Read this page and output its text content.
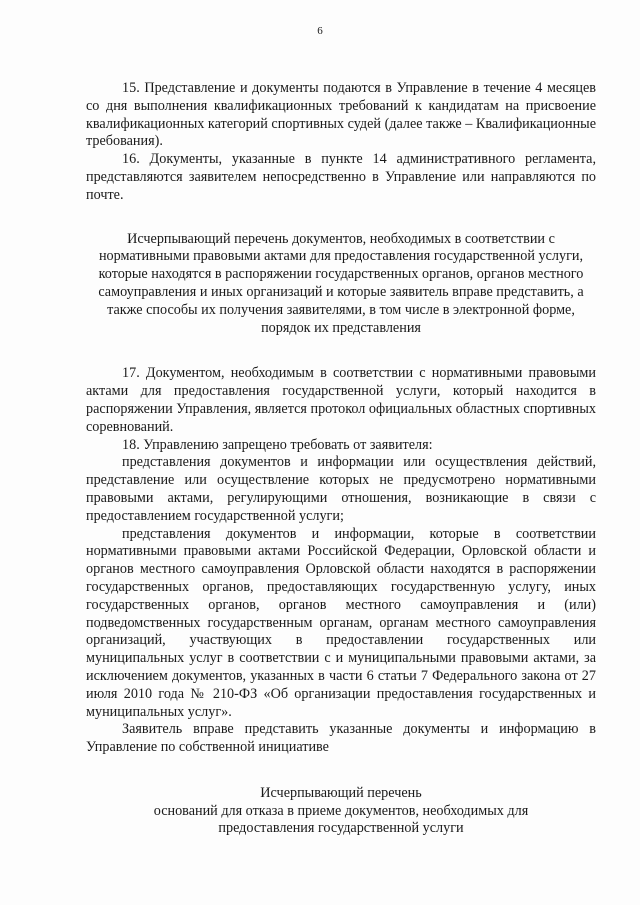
6

15. Представление и документы подаются в Управление в течение 4 месяцев со дня выполнения квалификационных требований к кандидатам на присвоение квалификационных категорий спортивных судей (далее также – Квалификационные требования).

16. Документы, указанные в пункте 14 административного регламента, представляются заявителем непосредственно в Управление или направляются по почте.

Исчерпывающий перечень документов, необходимых в соответствии с нормативными правовыми актами для предоставления государственной услуги, которые находятся в распоряжении государственных органов, органов местного самоуправления и иных организаций и которые заявитель вправе представить, а также способы их получения заявителями, в том числе в электронной форме, порядок их представления

17. Документом, необходимым в соответствии с нормативными правовыми актами для предоставления государственной услуги, который находится в распоряжении Управления, является протокол официальных областных спортивных соревнований.

18. Управлению запрещено требовать от заявителя:

представления документов и информации или осуществления действий, представление или осуществление которых не предусмотрено нормативными правовыми актами, регулирующими отношения, возникающие в связи с предоставлением государственной услуги;

представления документов и информации, которые в соответствии нормативными правовыми актами Российской Федерации, Орловской области и органов местного самоуправления Орловской области находятся в распоряжении государственных органов, предоставляющих государственную услугу, иных государственных органов, органов местного самоуправления и (или) подведомственных государственным органам, органам местного самоуправления организаций, участвующих в предоставлении государственных или муниципальных услуг в соответствии с и муниципальными правовыми актами, за исключением документов, указанных в части 6 статьи 7 Федерального закона от 27 июля 2010 года № 210-ФЗ «Об организации предоставления государственных и муниципальных услуг».

Заявитель вправе представить указанные документы и информацию в Управление по собственной инициативе

Исчерпывающий перечень
оснований для отказа в приеме документов, необходимых для
предоставления государственной услуги
